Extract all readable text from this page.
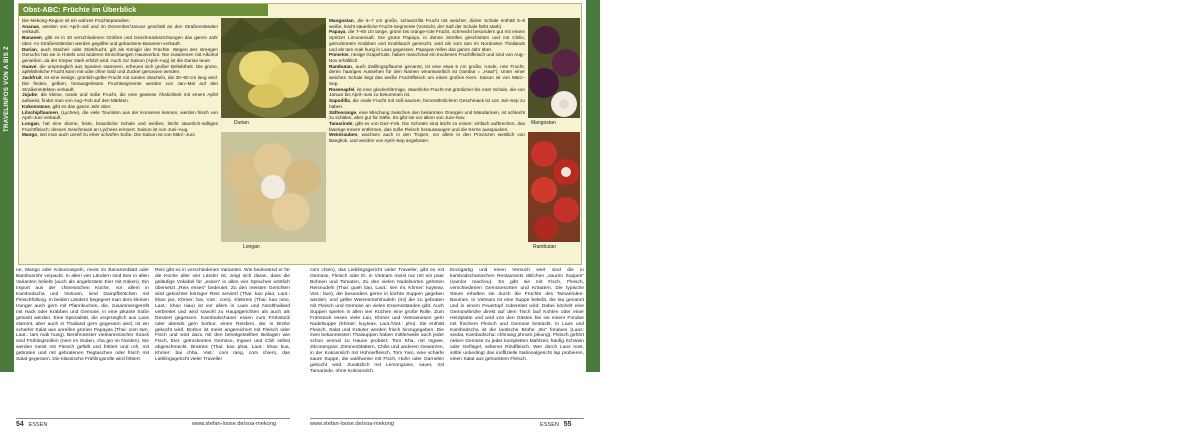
TRAVELINFOS VON A BIS Z	TRAVELINFOS VON A BIS Z
Obst-ABC: Früchte im Überblick

Die Mekong-Region ist ein wahres Früchteparadies:

Ananas, werden von April–Juli und im Dezember/Januar geschält an den Straßenständen verkauft.

Bananen, gibt es in 30 verschiedenen Größen und Geschmacksrichtungen das ganze Jahr über. An Straßenständen werden gegrillte und gebackene Bananen verkauft.

Durian, auch Stachel- oder Stinkfrucht, gilt als Königin der Früchte. Wegen des strengen Geruchs hat sie in Hotels und anderen Einrichtungen Hausverbot. Nie zusammen mit Alkohol genießen, da der Körper stark erhitzt wird. Auch zur Saison (April–Aug) ist die Durian teuer.

Guave, die ursprünglich aus Spanien stammen, erfreuen sich großer Beliebtheit. Die grüne, apfelähnliche Frucht kann mit oder ohne Salz und Zucker genossen werden.

Jackfruit, ist eine riesige, grünlich-gelbe Frucht mit runden Stacheln, die 30–90 cm lang wird. Die festen, gelben, herausgelösten Fruchtsegmente werden von Jan–Mai auf den Straßenmärkten verkauft.

Jujube, die kleine, runde und süße Frucht, die eine gewisse Ähnlichkeit mit einem Apfel aufweist, findet man von Aug–Feb auf den Märkten.

Kokosnüsse, gibt es das ganze Jahr über.

Litschipflaumen, (Lychee), die viele Touristen aus der Konserve kennen, werden frisch von April–Juni verkauft.

Longan, hat eine dünne, feste, braunliche Schale und weißes, leicht säuerlich-saftiges Fruchtfleisch; dessen Geschmack an Lychees erinnert. Saison ist von Juni–Aug.

Mango, isst man auch unreif zu einer scharfen Soße. Die Saison ist von März–Juni.

Mangostan, die 6–7 cm große, schwarzlila Frucht mit weicher, dicker Schale enthält 5–8 weiße, leicht säuerliche Frucht-Segmente (Vorsicht, der Saft der Schale färbt stark).

Papaya, die 7–60 cm lange, grüne bis orange-rote Frucht, schmeckt besonders gut mit einem Spritzer Limonensaft. Die grüne Papaya, in dünne Streifen geschnitten und mit Chilis, getrockneten Krabben und Knoblauch gemischt, wird als som tam im Nordosten Thailands und als tam mak hung in Laos gegessen. Papayas reifen das ganze Jahr über.

Pomelos, riesige Grapefruits, haben manchmal ein trockenes Fruchtfleisch und sind von Aug–Nov erhältlich.

Rambutan, auch Zwillingspflaume genannt, ist eine etwa 5 cm große, runde, rote Frucht, deren haariges Aussehen für den Namen verantwortlich ist (rambut = „Haar“). Unter einer weichen Schale liegt das weiße Fruchtfleisch um einen großen Kern. Saison ist von März–Sep.

Rosenapfel, ist eine glockenförmige, säuerliche Frucht mit grünlicher bis roter Schale, die von Januar bis April–Juni zu bekommen ist.

Sapodilla, die ovale Frucht mit süß-saurem, birnenähnlichem Geschmack ist von Juli–Sep zu haben.

Säfteorange, eine Mischung zwischen den bekannten Orangen und Mandarinen, ist schlecht zu schälen, aber gut für Säfte. Es gibt sie vor allem von Juni–Nov.

Tamarinde, gibt es von Dez–Feb. Die Schoten sind leicht zu essen: einfach aufbrechen, das faserige Innere entfernen, das süße Fleisch heraussaugen und die Kerne ausspucken.

Weintrauben, wachsen auch in den Tropen, vor allem in den Provinzen westlich von Bangkok, und werden von April–Sep angeboten.

Durian
Longan
Mangostan
Rambutan

ne, Mango oder Kokosraspeln, meist im Bananenblatt oder Bambusrohr verpackt. In allen vier Ländern sind Eier in allen Varianten beliebt (auch als angebrütete Eier mit Küken). Ein Import aus der chinesischen Küche, vor allem in Kambodscha und Vietnam, sind Dampfbrötchen mit Fleischfüllung. In beiden Ländern begegnet man dem kleinen Hunger auch gern mit Pfannkuchen, die, zusammengerollt mit Hack oder Krabben und Gemüse, in eine pikante Soße getunkt werden. Eine Spezialität, die ursprünglich aus Laos stammt, aber auch in Thailand gern gegessen wird, ist ein scharfer Salat aus unreifen grünen Papayas (Thai: som tam, Laot.: tam mak hung). Berühmtester vietnamesischer Snack sind Frühlingsrollen (nem im Süden, cha gio im Norden). Sie werden meist mit Fleisch gefüllt und frittiert und roh, mit gebraten und mit gebratenen Teigtaschen oder frisch mit Salat gegessen. Die klassische Frühlingsrolle wird frittiert.

Reis gibt es in verschiedenen Varianten. Wie bedeutend er für die Küche aller vier Länder ist, zeigt sich daran, dass die geläufige Vokabel für „essen“ in allen vier Sprachen wörtlich übersetzt „Reis essen“ bedeutet. Zu den meisten Gerichten wird gekochter körniger Reis serviert (Thai: kao plao, Laot.: khao jao, Khmer: bai, Viet.: com). Klebreis (Thai: kao nieo, Laot.: khao niau) ist vor allem in Laos und Nordthailand verbreitet und wird sowohl zu Hauptgerichten als auch als Dessert gegessen. Kambodschaner essen zum Frühstück oder abends gern borbor, einen Reisbrei, der in Brühe gekocht wird. Borbor ist meist angereichert mit Fleisch oder Fisch und wird dazu mit den bereitgestellten Beilagen wie Fisch, Eier, getrocknetes Gemüse, Ingwer und Chili selbst abgeschmeckt. Bratreis (Thai: kao phat, Laot.: khao kua, Khmer: bai chha, Viet.: com rang, com chien), das Lieblingsgericht vieler Traveller

com chien), das Lieblingsgericht vieler Traveller, gibt es mit Gemüse, Fleisch oder Ei, in Vietnam meist nur mit ein paar Bohnen und Tomaten. Zu den vielen Nudelsorten gehören Reisnudeln (Thai: gueh tiao, Laot.: sen mi, Khmer: kuyteav, Viet.: bun), die besonders gerne in leichte Suppen gegeben werden, und gelbe Weizenmehlnudeln (mi) die zu gebraten mit Fleisch und Gemüse an vielen Essensständen gibt. Auch Suppen spielen in allen vier Küchen eine große Rolle. Zum Frühstück essen viele Lao, Khmer und Vietnamesen gern Nudelsuppe (Khmer: kuyteav, Laot./Viet.: pho). Sie enthält Fleisch, Salat und Kräuter werden frisch hinzugegeben. Die zwei bekanntesten Thaisuppen haben mittlerweile auch jeder schon einmal zu Hause probiert: Tom Kha, mit Ingwer, Zitronengras, Zitronenblättern, Chilis und anderen Gewürzen, in der Kokosmilch mit Hühnerfleisch, Tom Yam, eine scharfe saure Suppe, die wahlweise mit Fisch, Huhn oder Garnelen gekocht wird. Zusätzlich mit Lemongrass, sauer, mit Tamarinde, ohne Kokosmilch.

Einzigartig und einen Versuch wert sind die in kambodschanischen Restaurants üblichen „sauren Suppen“ (samlor machou). Es gibt sie mit Fisch, Fleisch, verschiedenen Gemüsesorten und Kräutern. Die typische Säure erhalten sie durch die Früchte des Tamarinden-Baumes. In Vietnam ist eine Suppe beliebt, die lau genannt und in einem Feuertopf zubereitet wird: Dabei köchelt eine Gemüsebrühe direkt auf dem Tisch lauf Kohlen oder einer Herdplatte und wird von den Gästen bei sie einem Fondue mit frischem Fleisch und Gemüse bestückt. In Laos und Kambodscha ist die laotische Brühe „Bo“ fondues (Laos: sindat, Kambodscha: chhnang phnom pleung). Fleisch gehört neben Gemüse zu jeder kompletten Mahlzeit, häufig Schwein oder Geflügel, seltener Rindfleisch. Wer durch Laos reist, sollte unbedingt das inoffizielle Nationalgericht lap probieren, einen Salat aus gehacktem Fleisch.

54 ESSEN	www.stefan-loose.de/soa-mekong	www.stefan-loose.de/soa-mekong	ESSEN 55
